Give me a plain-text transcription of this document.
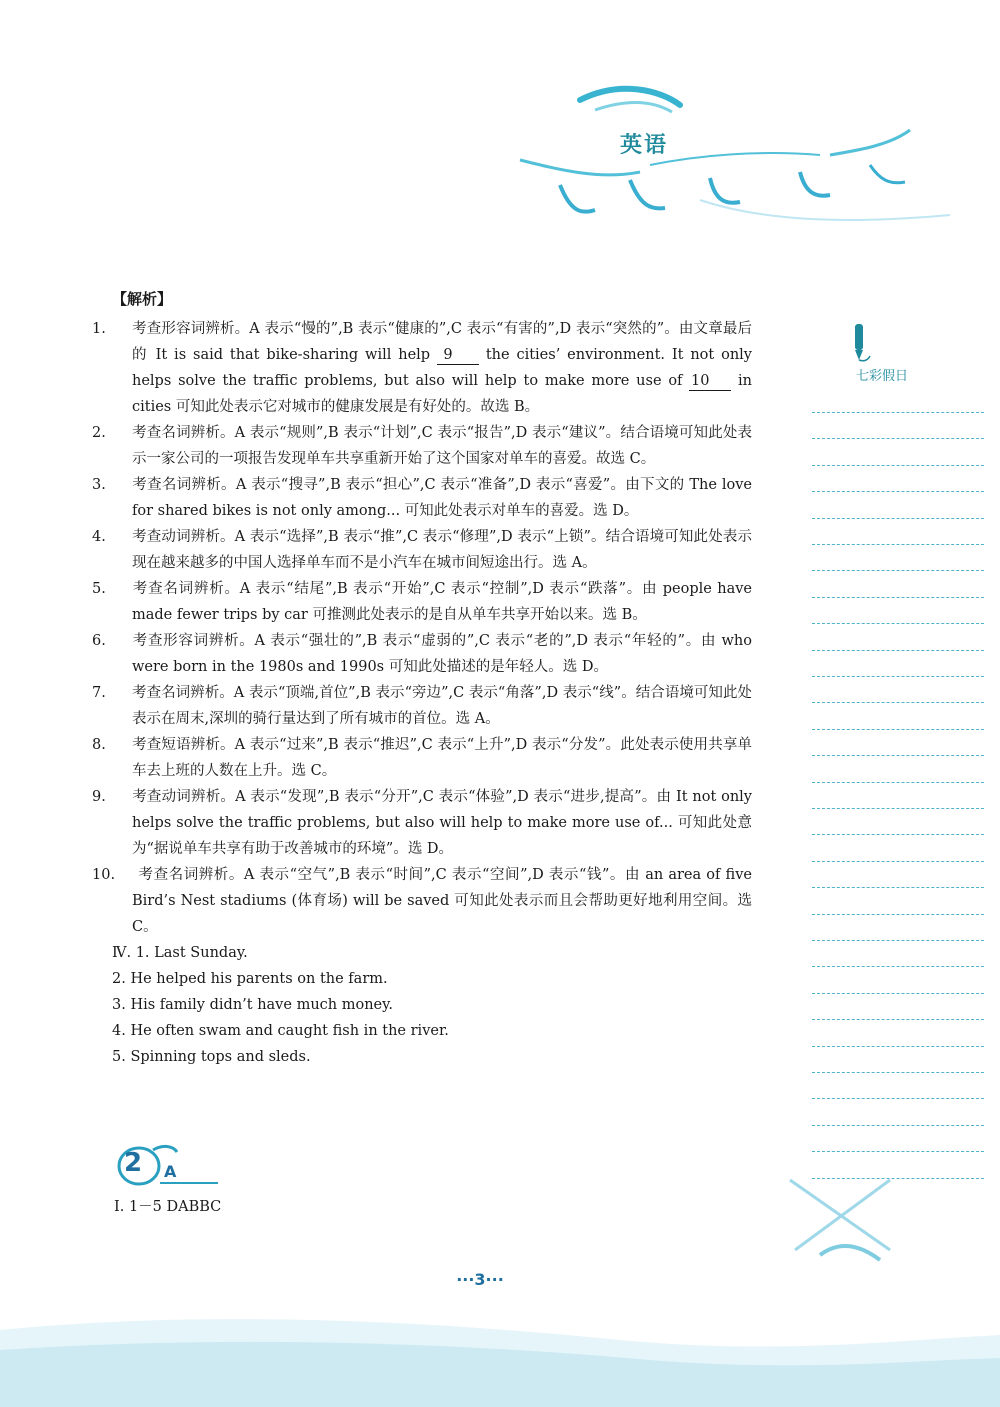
英语
七彩假日
【解析】
1. 考查形容词辨析。A 表示“慢的”,B 表示“健康的”,C 表示“有害的”,D 表示“突然的”。由文章最后的 It is said that bike-sharing will help 9 the cities’ environment. It not only helps solve the traffic problems, but also will help to make more use of 10 in cities 可知此处表示它对城市的健康发展是有好处的。故选 B。
2. 考查名词辨析。A 表示“规则”,B 表示“计划”,C 表示“报告”,D 表示“建议”。结合语境可知此处表示一家公司的一项报告发现单车共享重新开始了这个国家对单车的喜爱。故选 C。
3. 考查名词辨析。A 表示“搜寻”,B 表示“担心”,C 表示“准备”,D 表示“喜爱”。由下文的 The love for shared bikes is not only among... 可知此处表示对单车的喜爱。选 D。
4. 考查动词辨析。A 表示“选择”,B 表示“推”,C 表示“修理”,D 表示“上锁”。结合语境可知此处表示现在越来越多的中国人选择单车而不是小汽车在城市间短途出行。选 A。
5. 考查名词辨析。A 表示“结尾”,B 表示“开始”,C 表示“控制”,D 表示“跌落”。由 people have made fewer trips by car 可推测此处表示的是自从单车共享开始以来。选 B。
6. 考查形容词辨析。A 表示“强壮的”,B 表示“虚弱的”,C 表示“老的”,D 表示“年轻的”。由 who were born in the 1980s and 1990s 可知此处描述的是年轻人。选 D。
7. 考查名词辨析。A 表示“顶端,首位”,B 表示“旁边”,C 表示“角落”,D 表示“线”。结合语境可知此处表示在周末,深圳的骑行量达到了所有城市的首位。选 A。
8. 考查短语辨析。A 表示“过来”,B 表示“推迟”,C 表示“上升”,D 表示“分发”。此处表示使用共享单车去上班的人数在上升。选 C。
9. 考查动词辨析。A 表示“发现”,B 表示“分开”,C 表示“体验”,D 表示“进步,提高”。由 It not only helps solve the traffic problems, but also will help to make more use of... 可知此处意为“据说单车共享有助于改善城市的环境”。选 D。
10. 考查名词辨析。A 表示“空气”,B 表示“时间”,C 表示“空间”,D 表示“钱”。由 an area of five Bird’s Nest stadiums (体育场) will be saved 可知此处表示而且会帮助更好地利用空间。选 C。
Ⅳ. 1. Last Sunday.
2. He helped his parents on the farm.
3. His family didn’t have much money.
4. He often swam and caught fish in the river.
5. Spinning tops and sleds.
2 A
Ⅰ. 1－5 DABBC
···3···
